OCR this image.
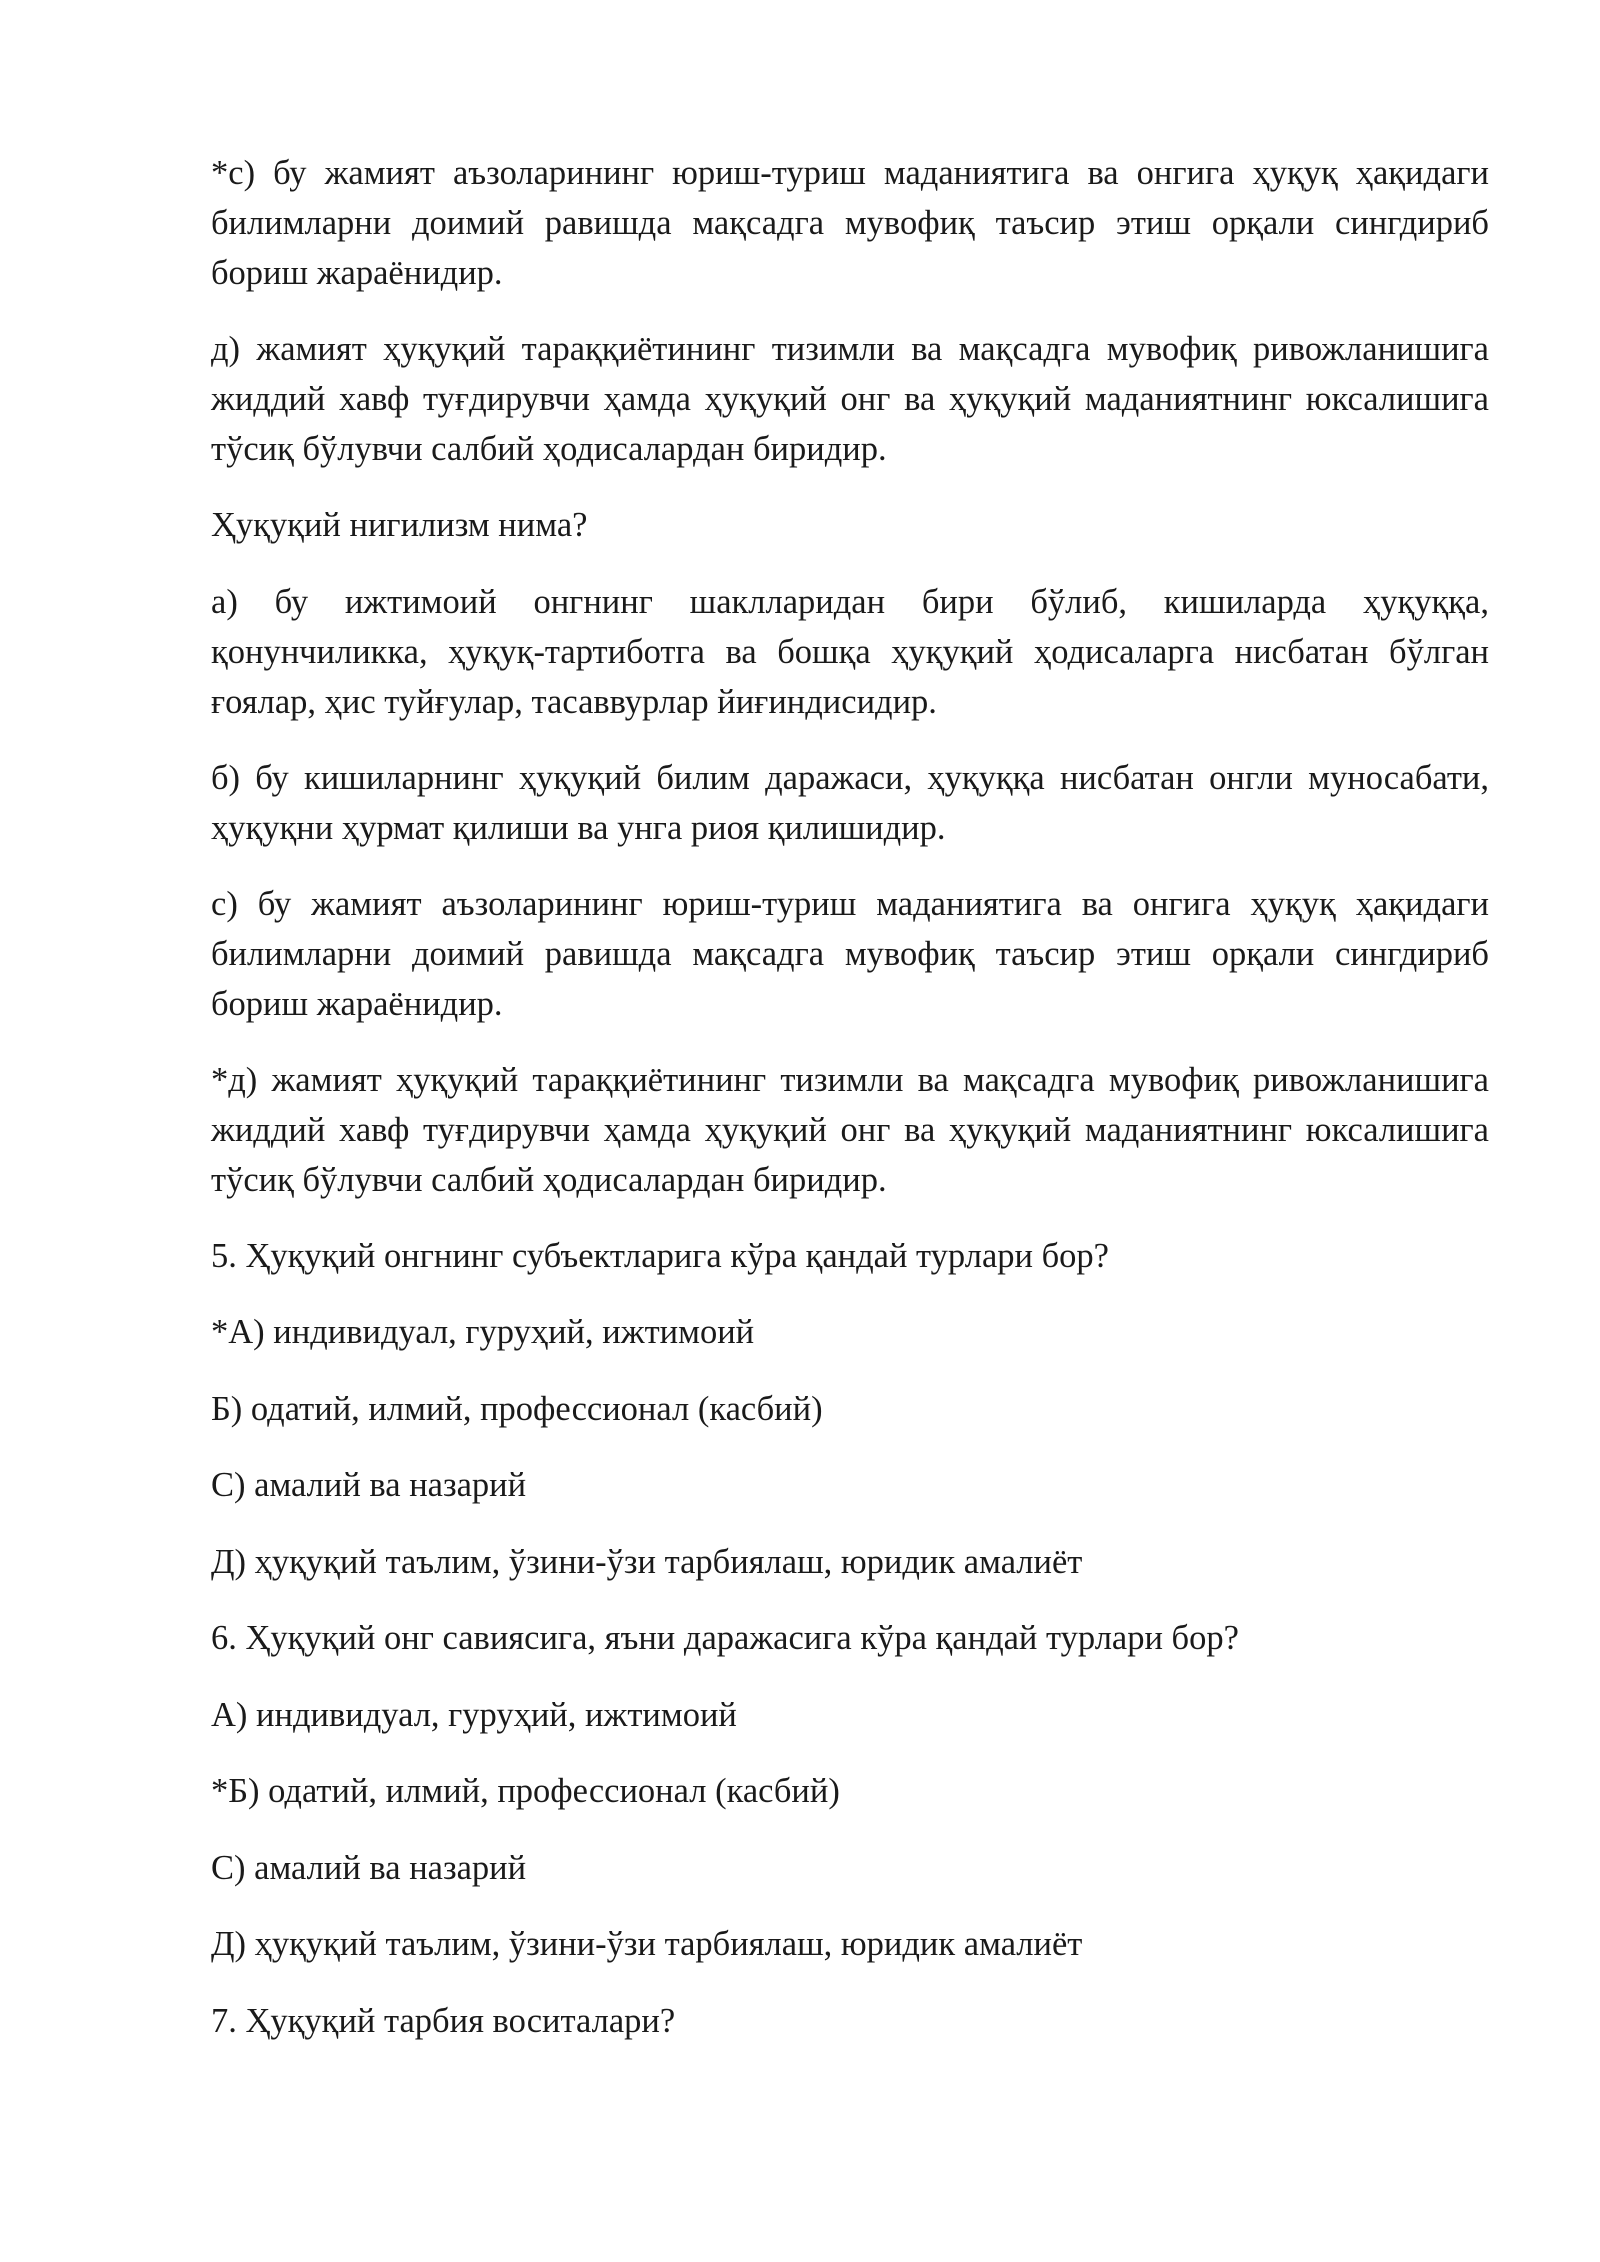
*с) бу жамият аъзоларининг юриш-туриш маданиятига ва онгига ҳуқуқ ҳақидаги билимларни доимий равишда мақсадга мувофиқ таъсир этиш орқали сингдириб бориш жараёнидир.

д) жамият ҳуқуқий тараққиётининг тизимли ва мақсадга мувофиқ ривожланишига жиддий хавф туғдирувчи ҳамда ҳуқуқий онг ва ҳуқуқий маданиятнинг юксалишига тўсиқ бўлувчи салбий ҳодисалардан биридир.

Ҳуқуқий нигилизм нима?

а) бу ижтимоий онгнинг шаклларидан бири бўлиб, кишиларда ҳуқуққа, қонунчиликка, ҳуқуқ-тартиботга ва бошқа ҳуқуқий ҳодисаларга нисбатан бўлган ғоялар, ҳис туйғулар, тасаввурлар йиғиндисидир.

б) бу кишиларнинг ҳуқуқий билим даражаси, ҳуқуққа нисбатан онгли муносабати, ҳуқуқни ҳурмат қилиши ва унга риоя қилишидир.

с) бу жамият аъзоларининг юриш-туриш маданиятига ва онгига ҳуқуқ ҳақидаги билимларни доимий равишда мақсадга мувофиқ таъсир этиш орқали сингдириб бориш жараёнидир.

*д) жамият ҳуқуқий тараққиётининг тизимли ва мақсадга мувофиқ ривожланишига жиддий хавф туғдирувчи ҳамда ҳуқуқий онг ва ҳуқуқий маданиятнинг юксалишига тўсиқ бўлувчи салбий ҳодисалардан биридир.

5. Ҳуқуқий онгнинг субъектларига кўра қандай турлари бор?

*А) индивидуал, гуруҳий, ижтимоий

Б) одатий, илмий, профессионал (касбий)

С) амалий ва назарий

Д) ҳуқуқий таълим, ўзини-ўзи тарбиялаш, юридик амалиёт

6. Ҳуқуқий онг савиясига, яъни даражасига кўра қандай турлари бор?

А) индивидуал, гуруҳий, ижтимоий

*Б) одатий, илмий, профессионал (касбий)

С) амалий ва назарий

Д) ҳуқуқий таълим, ўзини-ўзи тарбиялаш, юридик амалиёт

7. Ҳуқуқий тарбия воситалари?
